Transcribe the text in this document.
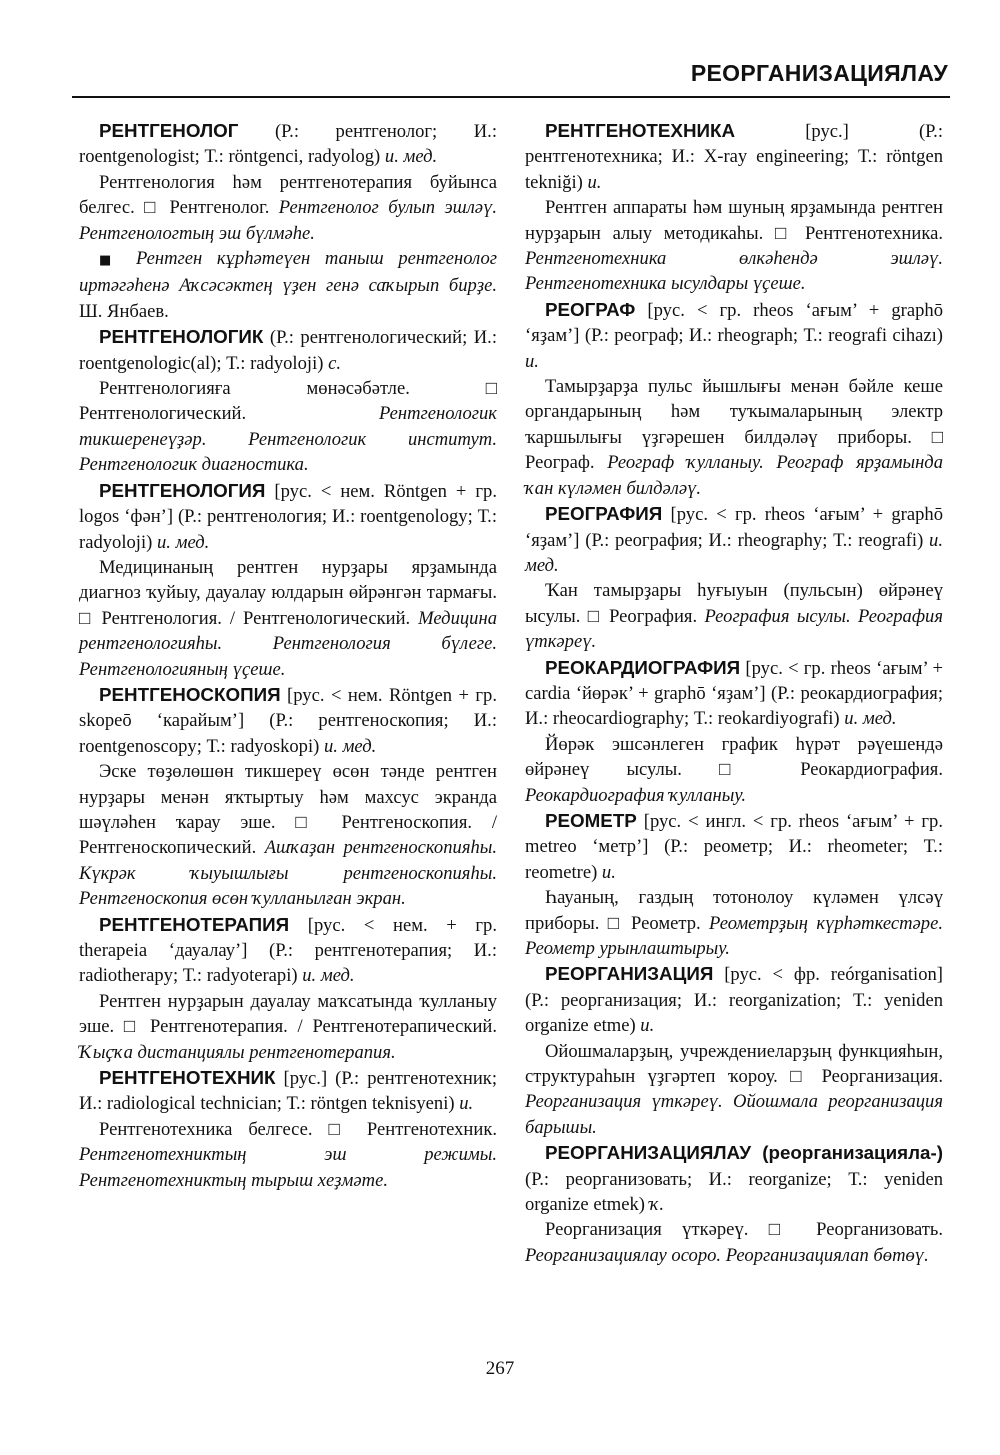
РЕОРГАНИЗАЦИЯЛАУ

РЕНТГЕНОЛОГ (Р.: рентгенолог; И.: roentgenologist; Т.: röntgenci, radyolog) и. мед.

Рентгенология һәм рентгенотерапия буйынса белгес. □ Рентгенолог. Рентгенолог булып эшләү. Рентгенологтың эш бүлмәһе.

■ Рентген кұрһәтеүен таныш рентгенолог иртәгәһенә Аҡсәсәктең үҙен генә саҡырып бирҙе. Ш. Янбаев.

РЕНТГЕНОЛОГИК (Р.: рентгенологический; И.: roentgenologic(al); Т.: radyoloji) с.

Рентгенологияға мөнәсәбәтле. □ Рентгенологический. Рентгенологик тикшеренеүҙәр. Рентгенологик институт. Рентгенологик диагностика.

РЕНТГЕНОЛОГИЯ [рус. < нем. Röntgen + гр. logos ‘фән’] (Р.: рентгенология; И.: roentgenology; Т.: radyoloji) и. мед.

Медицинаның рентген нурҙары ярҙамында диагноз ҡуйыу, дауалау юлдарын өйрәнгән тармағы. □ Рентгенология. / Рентгенологический. Медицина рентгенологияһы. Рентгенология бүлеге. Рентгенологияның үҫеше.

РЕНТГЕНОСКОПИЯ [рус. < нем. Röntgen + гр. skopeō ‘карайым’] (Р.: рентгеноскопия; И.: roentgenoscopy; Т.: radyoskopi) и. мед.

Эске төҙөлөшөн тикшереү өсөн тәнде рентген нурҙары менән яҡтыртыу һәм махсус экранда шәүләһен ҡарау эше. □ Рентгеноскопия. / Рентгеноскопический. Ашҡаҙан рентгеноскопияһы. Күкрәк ҡыуышлығы рентгеноскопияһы. Рентгеноскопия өсөн ҡулланылған экран.

РЕНТГЕНОТЕРАПИЯ [рус. < нем. + гр. therapeia ‘дауалау’] (Р.: рентгенотерапия; И.: radiotherapy; Т.: radyoterapi) и. мед.

Рентген нурҙарын дауалау маҡсатында ҡулланыу эше. □ Рентгенотерапия. / Рентгенотерапический. Ҡыҫҡа дистанциялы рентгенотерапия.

РЕНТГЕНОТЕХНИК [рус.] (Р.: рентгенотехник; И.: radiological technician; Т.: röntgen teknisyeni) и.

Рентгенотехника белгесе. □ Рентгенотехник. Рентгенотехниктың эш режимы. Рентгенотехниктың тырыш хеҙмәте.

РЕНТГЕНОТЕХНИКА [рус.] (Р.: рентгенотехника; И.: X-ray engineering; Т.: röntgen tekniği) и.

Рентген аппараты һәм шуның ярҙамында рентген нурҙарын алыу методикаһы. □ Рентгенотехника. Рентгенотехника өлкәһендә эшләү. Рентгенотехника ысулдары үҫеше.

РЕОГРАФ [рус. < гр. rheos ‘ағым’ + graphō ‘яҙам’] (Р.: реограф; И.: rheograph; Т.: reografi cihazı) и.

Тамырҙарҙа пульс йышлығы менән бәйле кеше органдарының һәм туҡымаларының электр ҡаршылығы үҙгәрешен билдәләү приборы. □ Реограф. Реограф ҡулланыу. Реограф ярҙамында ҡан күләмен билдәләү.

РЕОГРАФИЯ [рус. < гр. rheos ‘ағым’ + graphō ‘яҙам’] (Р.: реография; И.: rheography; Т.: reografi) и. мед.

Ҡан тамырҙары һуғыуын (пульсын) өйрәнеү ысулы. □ Реография. Реография ысулы. Реография үткәреү.

РЕОКАРДИОГРАФИЯ [рус. < гр. rheos ‘ағым’ + cardia ‘йөрәк’ + graphō ‘яҙам’] (Р.: реокардиография; И.: rheocardiography; Т.: reokardiyografi) и. мед.

Йөрәк эшсәнлеген график һүрәт рәүешендә өйрәнеү ысулы. □ Реокардиография. Реокардиография ҡулланыу.

РЕОМЕТР [рус. < ингл. < гр. rheos ‘ағым’ + гр. metreo ‘метр’] (Р.: реометр; И.: rheometer; Т.: reometre) и.

Һауаның, газдың тотонолоу күләмен үлсәү приборы. □ Реометр. Реометрҙың күрһәткестәре. Реометр урынлаштырыу.

РЕОРГАНИЗАЦИЯ [рус. < фр. reórganisation] (Р.: реорганизация; И.: reorganization; Т.: yeniden organize etme) и.

Ойошмаларҙың, учреждениеларҙың функцияһын, структураһын үҙгәртеп ҡороу. □ Реорганизация. Реорганизация үткәреү. Ойошмала реорганизация барышы.

РЕОРГАНИЗАЦИЯЛАУ (реорганизацияла-) (Р.: реорганизовать; И.: reorganize; Т.: yeniden organize etmek) ҡ.

Реорганизация үткәреү. □ Реорганизовать. Реорганизациялау осоро. Реорганизациялап бөтөү.

267
